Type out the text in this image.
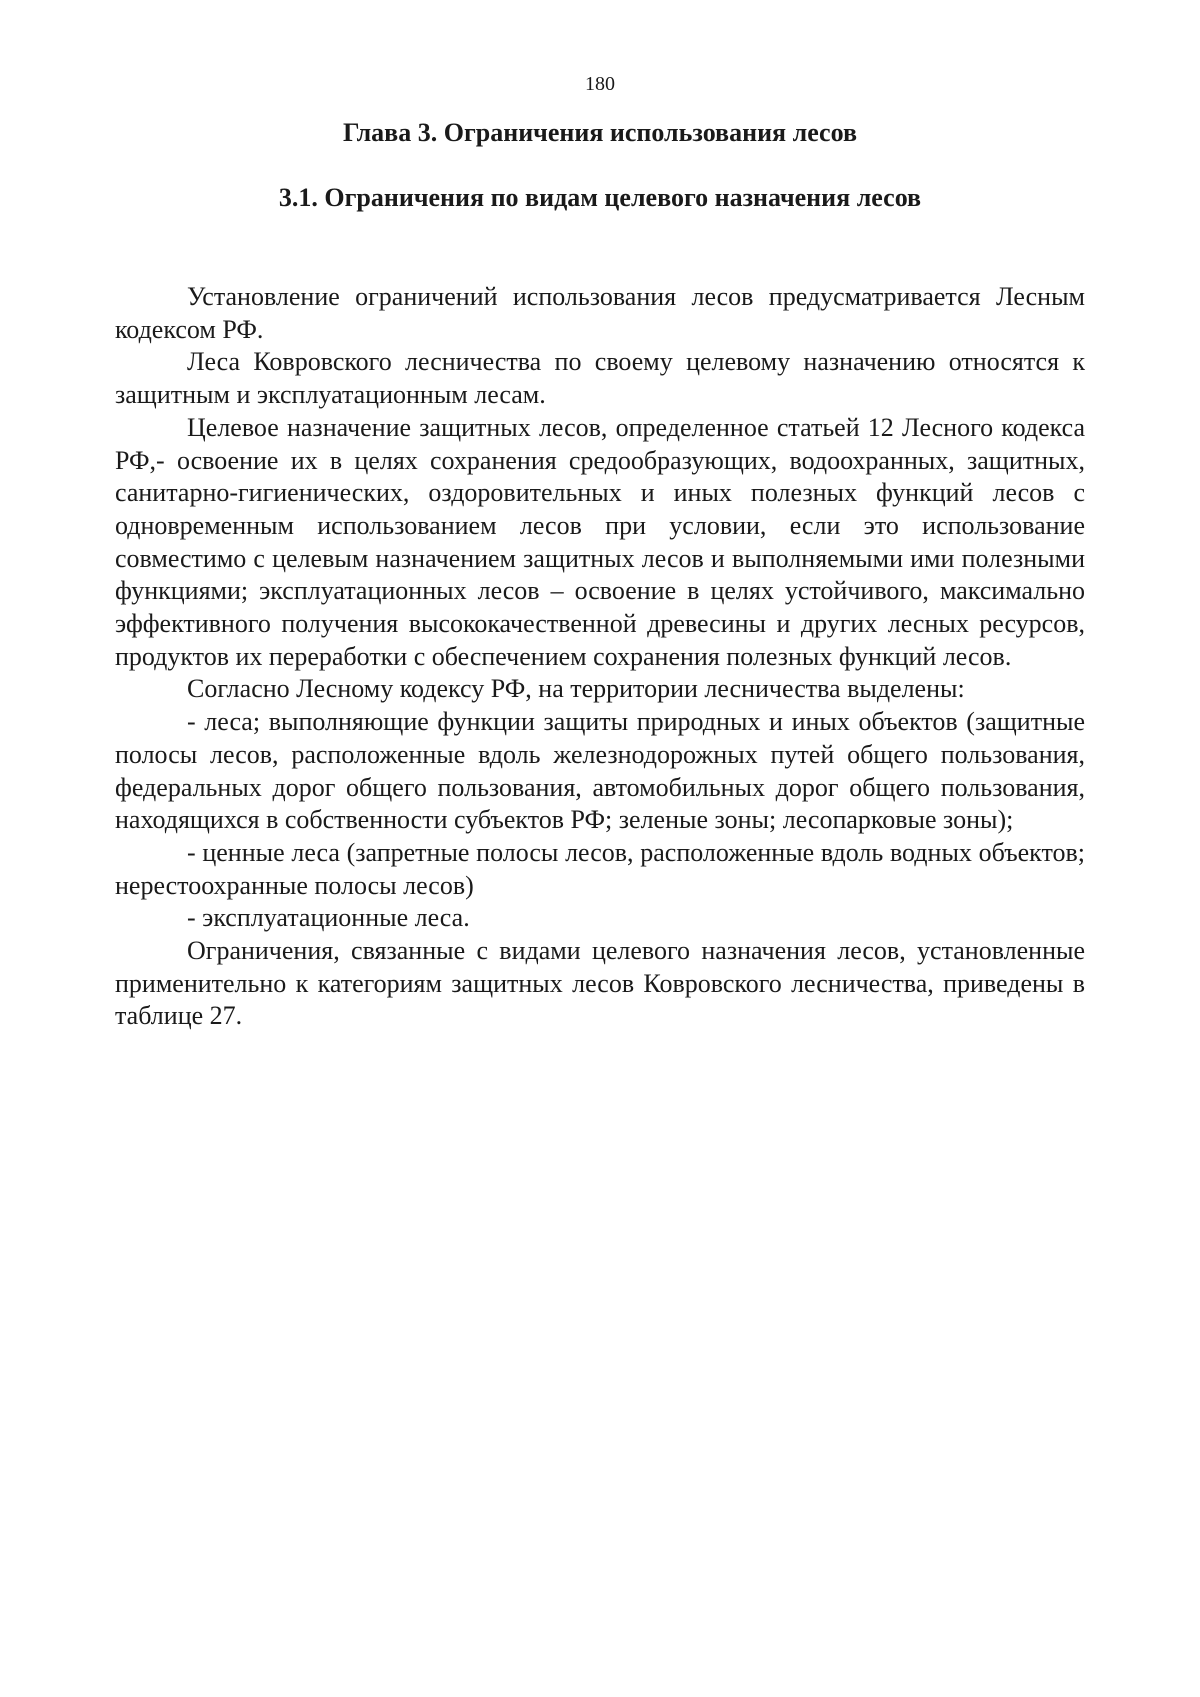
180
Глава 3. Ограничения использования лесов
3.1. Ограничения по видам целевого назначения лесов

Установление ограничений использования лесов предусматривается Лесным кодексом РФ.

Леса Ковровского лесничества по своему целевому назначению относятся к защитным и эксплуатационным лесам.

Целевое назначение защитных лесов, определенное статьей 12 Лесного кодекса РФ,- освоение их в целях сохранения средообразующих, водоохранных, защитных, санитарно-гигиенических, оздоровительных и иных полезных функций лесов с одновременным использованием лесов при условии, если это использование совместимо с целевым назначением защитных лесов и выполняемыми ими полезными функциями; эксплуатационных лесов – освоение в целях устойчивого, максимально эффективного получения высококачественной древесины и других лесных ресурсов, продуктов их переработки с обеспечением сохранения полезных функций лесов.

Согласно Лесному кодексу РФ, на территории лесничества выделены:

- леса; выполняющие функции защиты природных и иных объектов (защитные полосы лесов, расположенные вдоль железнодорожных путей общего пользования, федеральных дорог общего пользования, автомобильных дорог общего пользования, находящихся в собственности субъектов РФ; зеленые зоны; лесопарковые зоны);

- ценные леса (запретные полосы лесов, расположенные вдоль водных объектов; нерестоохранные полосы лесов)

- эксплуатационные леса.

Ограничения, связанные с видами целевого назначения лесов, установленные применительно к категориям защитных лесов Ковровского лесничества, приведены в таблице 27.
